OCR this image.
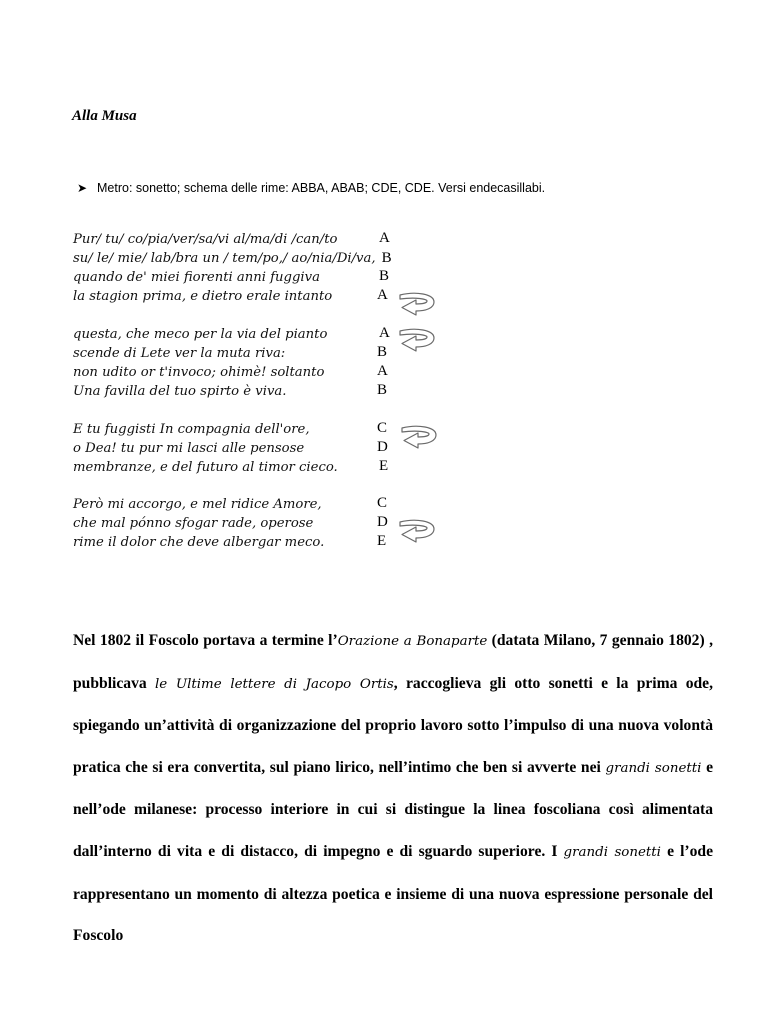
Alla Musa
➤ Metro: sonetto; schema delle rime: ABBA, ABAB; CDE, CDE. Versi endecasillabi.
Pur/ tu/ co/pia/ver/sa/vi al/ma/di /can/to	A
su/ le/ mie/ lab/bra un / tem/po,/ ao/nia/Di/va, B
quando de' miei fiorenti anni fuggiva	B
la stagion prima, e dietro erale intanto	A
questa, che meco per la via del pianto	A
scende di Lete ver la muta riva:	B
non udito or t'invoco; ohimè! soltanto	A
Una favilla del tuo spirto è viva.	B
E tu fuggisti In compagnia dell'ore,	C
o Dea! tu pur mi lasci alle pensose	D
membranze, e del futuro al timor cieco.	E
Però mi accorgo, e mel ridice Amore,	C
che mal pónno sfogar rade, operose	D
rime il dolor che deve albergar meco.	E

Nel 1802 il Foscolo portava a termine l’Orazione a Bonaparte (datata Milano, 7 gennaio 1802) , pubblicava le Ultime lettere di Jacopo Ortis, raccoglieva gli otto sonetti e la prima ode, spiegando un’attività di organizzazione del proprio lavoro sotto l’impulso di una nuova volontà pratica che si era convertita, sul piano lirico, nell’intimo che ben si avverte nei grandi sonetti e nell’ode milanese: processo interiore in cui si distingue la linea foscoliana così alimentata dall’interno di vita e di distacco, di impegno e di sguardo superiore. I grandi sonetti e l’ode rappresentano un momento di altezza poetica e insieme di una nuova espressione personale del Foscolo
